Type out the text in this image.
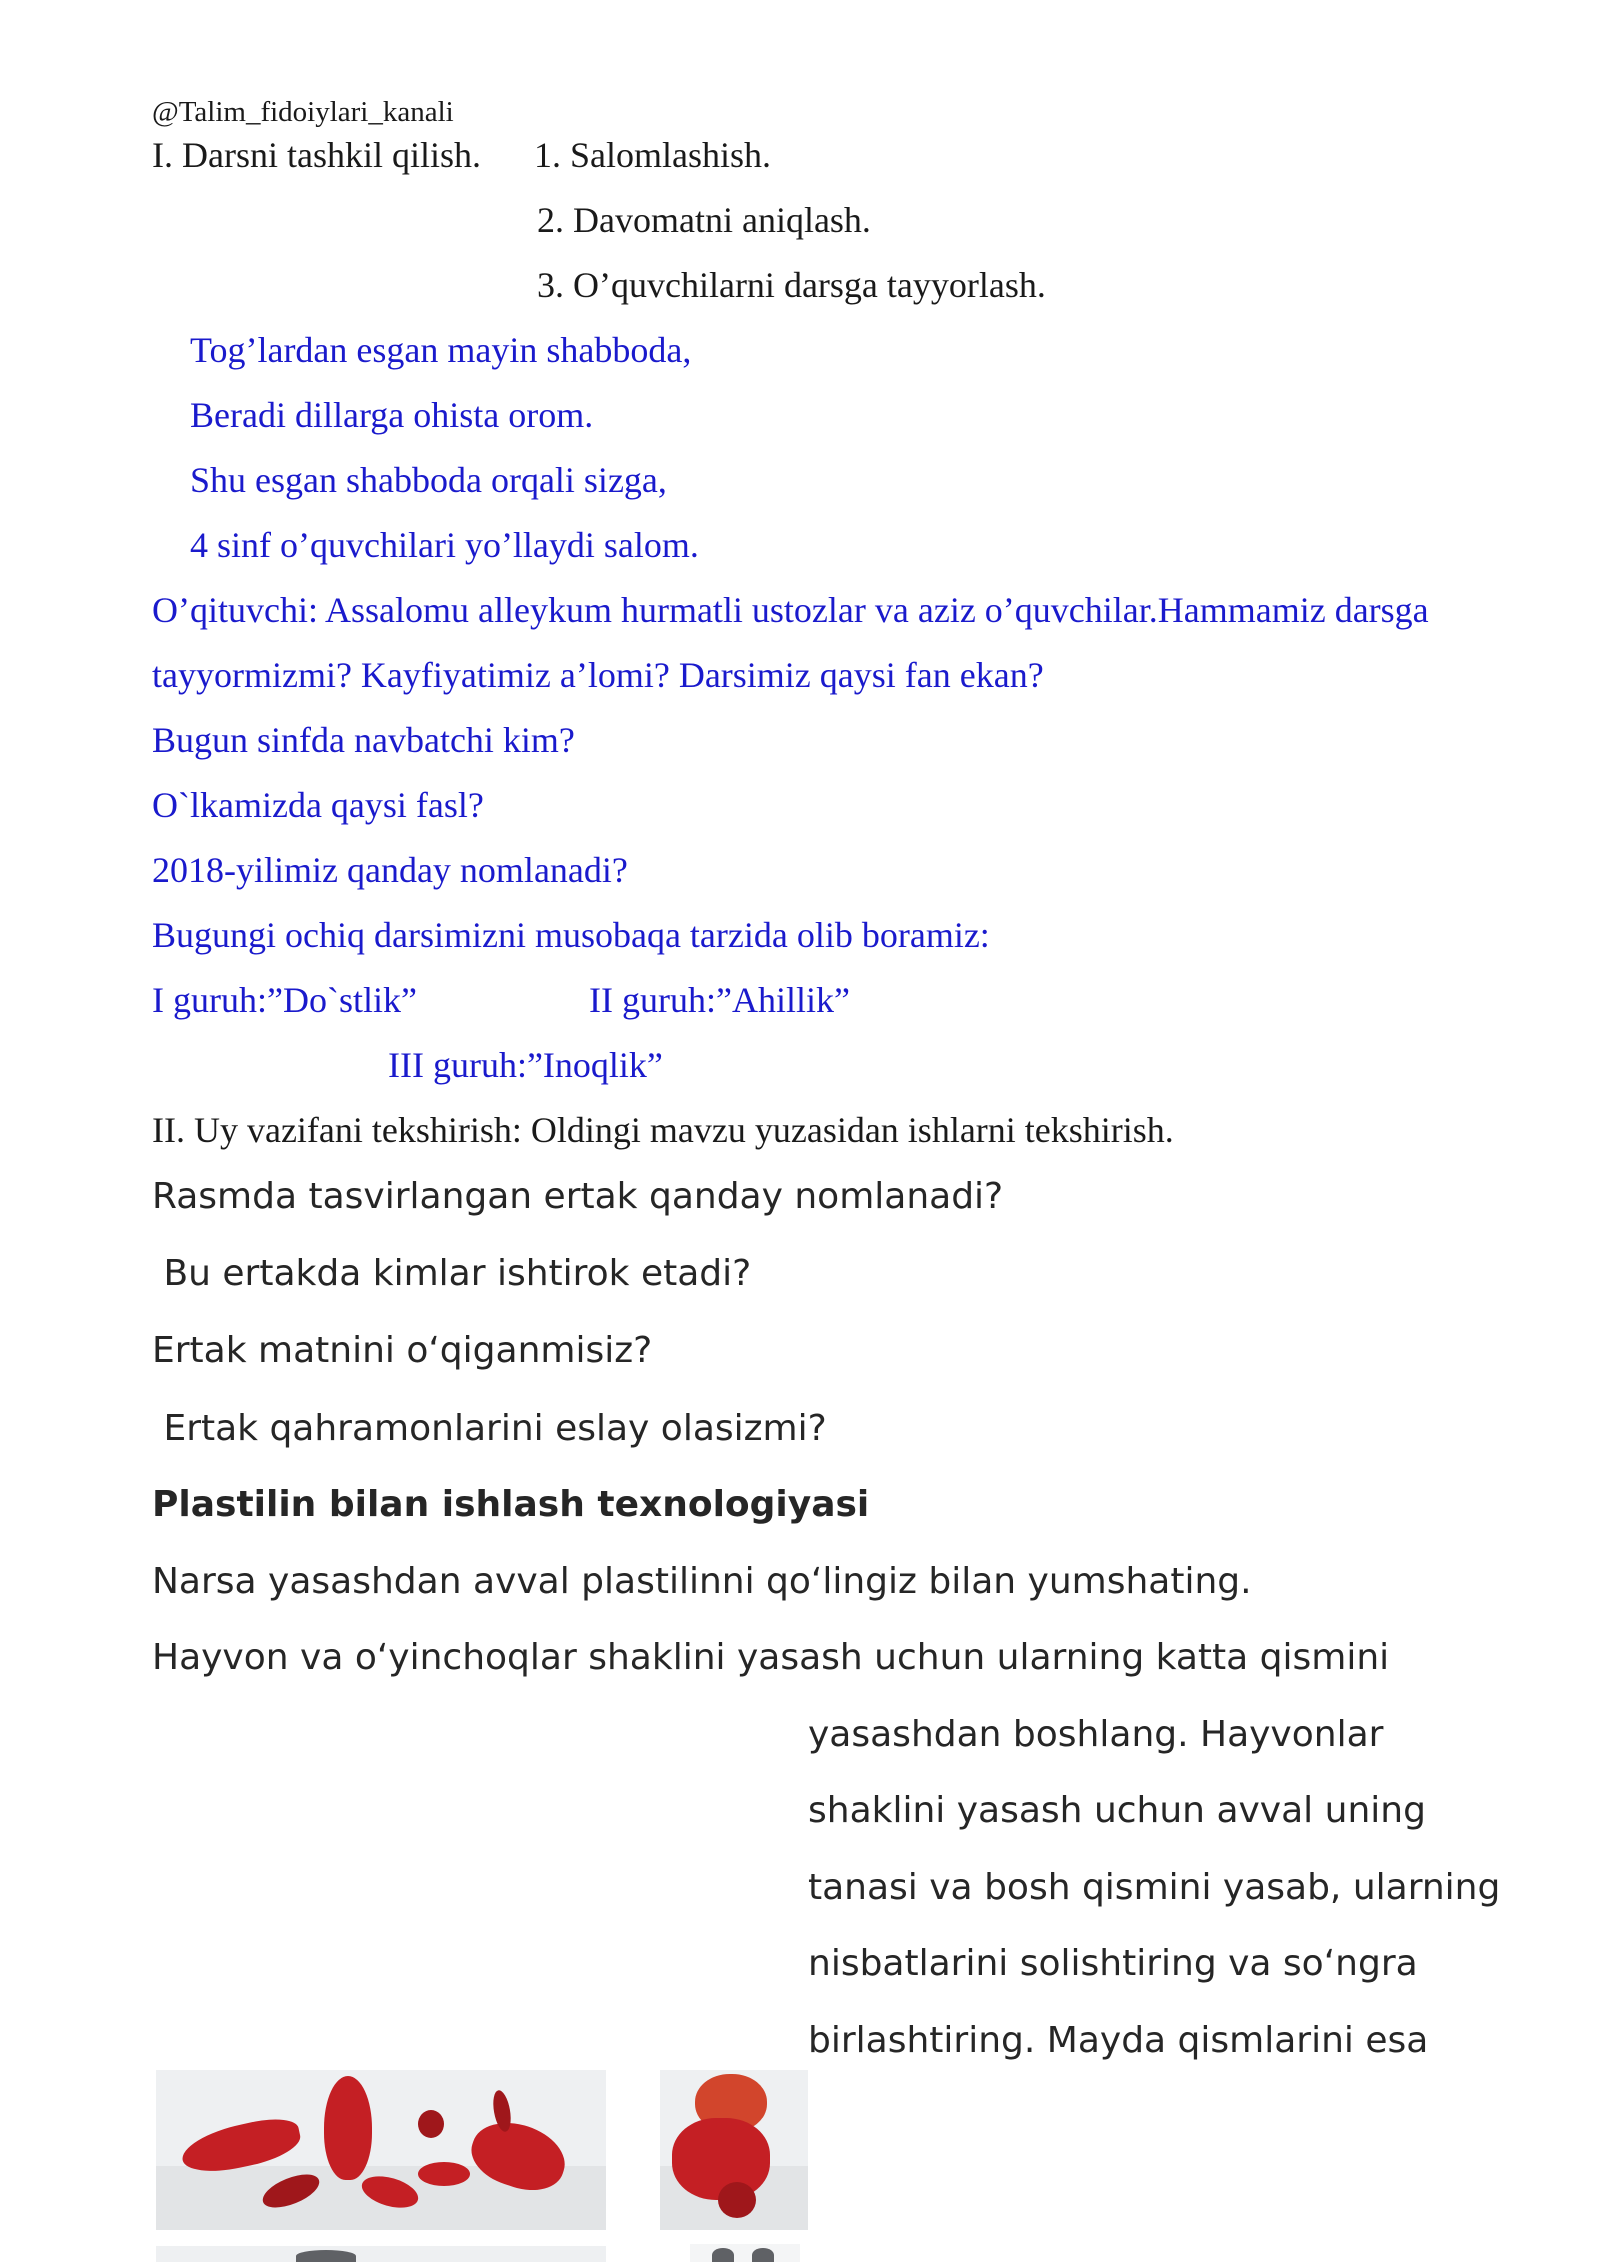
@Talim_fidoiylari_kanali
I. Darsni tashkil qilish. 1. Salomlashish.
2. Davomatni aniqlash.
3. O’quvchilarni darsga tayyorlash.
Tog’lardan esgan mayin shabboda,
Beradi dillarga ohista orom.
Shu esgan shabboda orqali sizga,
4 sinf o’quvchilari yo’llaydi salom.
O’qituvchi: Assalomu alleykum hurmatli ustozlar va aziz o’quvchilar.Hammamiz darsga
tayyormizmi? Kayfiyatimiz a’lomi? Darsimiz qaysi fan ekan?
Bugun sinfda navbatchi kim?
O`lkamizda qaysi fasl?
2018-yilimiz qanday nomlanadi?
Bugungi ochiq darsimizni musobaqa tarzida olib boramiz:
I guruh:”Do`stlik”	II guruh:”Ahillik”
III guruh:”Inoqlik”
II. Uy vazifani tekshirish: Oldingi mavzu yuzasidan ishlarni tekshirish.
Rasmda tasvirlangan ertak qanday nomlanadi?
Bu ertakda kimlar ishtirok etadi?
Ertak matnini o‘qiganmisiz?
Ertak qahramonlarini eslay olasizmi?
Plastilin bilan ishlash texnologiyasi
Narsa yasashdan avval plastilinni qo‘lingiz bilan yumshating.
Hayvon va o‘yinchoqlar shaklini yasash uchun ularning katta qismini
yasashdan boshlang. Hayvonlar
shaklini yasash uchun avval uning
tanasi va bosh qismini yasab, ularning
nisbatlarini solishtiring va so‘ngra
birlashtiring. Mayda qismlarini esa
